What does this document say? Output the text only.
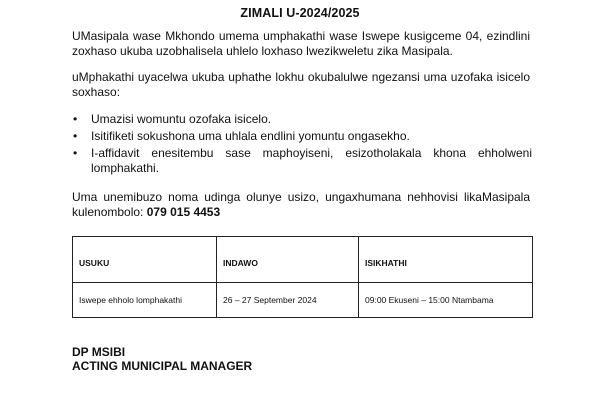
ZIMALI U-2024/2025
UMasipala wase Mkhondo umema umphakathi wase Iswepe kusigceme 04, ezindlini zoxhaso ukuba uzobhalisela uhlelo loxhaso lwezikweletu zika Masipala.
uMphakathi uyacelwa ukuba uphathe lokhu okubalulwe ngezansi uma uzofaka isicelo soxhaso:
• Umazisi womuntu ozofaka isicelo.
• Isitifiketi sokushona uma uhlala endlini yomuntu ongasekho.
• I-affidavit enesitembu sase maphoyiseni, esizotholakala khona ehholweni lomphakathi.
Uma unemibuzo noma udinga olunye usizo, ungaxhumana nehhovisi likaMasipala kulenombolo: 079 015 4453
USUKU	INDAWO	ISIKHATHI
Iswepe ehholo lomphakathi	26 – 27 September 2024	09:00 Ekuseni – 15:00 Ntambama
DP MSIBI
ACTING MUNICIPAL MANAGER
